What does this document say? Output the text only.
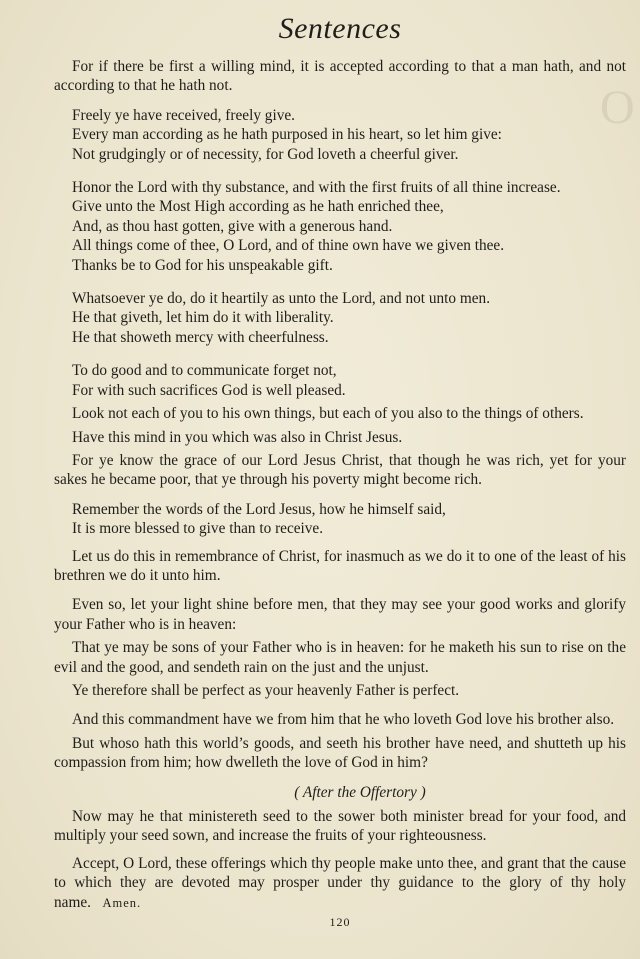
O
Sentences

For if there be first a willing mind, it is accepted according to that a man hath, and not according to that he hath not.

Freely ye have received, freely give.

Every man according as he hath purposed in his heart, so let him give:

Not grudgingly or of necessity, for God loveth a cheerful giver.

Honor the Lord with thy substance, and with the first fruits of all thine increase.

Give unto the Most High according as he hath enriched thee,

And, as thou hast gotten, give with a generous hand.

All things come of thee, O Lord, and of thine own have we given thee.

Thanks be to God for his unspeakable gift.

Whatsoever ye do, do it heartily as unto the Lord, and not unto men.

He that giveth, let him do it with liberality.

He that showeth mercy with cheerfulness.

To do good and to communicate forget not,

For with such sacrifices God is well pleased.

Look not each of you to his own things, but each of you also to the things of others.

Have this mind in you which was also in Christ Jesus.

For ye know the grace of our Lord Jesus Christ, that though he was rich, yet for your sakes he became poor, that ye through his poverty might become rich.

Remember the words of the Lord Jesus, how he himself said,

It is more blessed to give than to receive.

Let us do this in remembrance of Christ, for inasmuch as we do it to one of the least of his brethren we do it unto him.

Even so, let your light shine before men, that they may see your good works and glorify your Father who is in heaven:

That ye may be sons of your Father who is in heaven: for he maketh his sun to rise on the evil and the good, and sendeth rain on the just and the unjust.

Ye therefore shall be perfect as your heavenly Father is perfect.

And this commandment have we from him that he who loveth God love his brother also.

But whoso hath this world’s goods, and seeth his brother have need, and shutteth up his compassion from him; how dwelleth the love of God in him?

( After the Offertory )

Now may he that ministereth seed to the sower both minister bread for your food, and multiply your seed sown, and increase the fruits of your righteousness.

Accept, O Lord, these offerings which thy people make unto thee, and grant that the cause to which they are devoted may prosper under thy guidance to the glory of thy holy name. Amen.

120
